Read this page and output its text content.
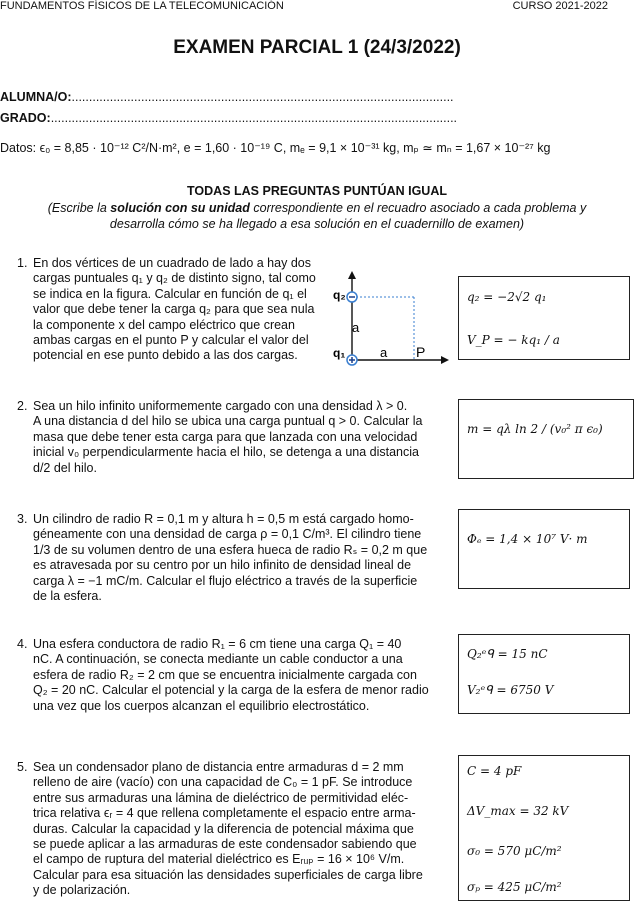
FUNDAMENTOS FÍSICOS DE LA TELECOMUNICACIÓN	CURSO 2021-2022
EXAMEN PARCIAL 1 (24/3/2022)
ALUMNA/O:..............................................................................................................
GRADO:.....................................................................................................................
Datos: ϵ₀ = 8,85 · 10⁻¹² C²/N·m², e = 1,60 · 10⁻¹⁹ C, mₑ = 9,1 × 10⁻³¹ kg, mₚ ≃ mₙ = 1,67 × 10⁻²⁷ kg
TODAS LAS PREGUNTAS PUNTÚAN IGUAL
(Escribe la solución con su unidad correspondiente en el recuadro asociado a cada problema y desarrolla cómo se ha llegado a esa solución en el cuadernillo de examen)
1. En dos vértices de un cuadrado de lado a hay dos
cargas puntuales q₁ y q₂ de distinto signo, tal como
se indica en la figura. Calcular en función de q₁ el
valor que debe tener la carga q₂ para que sea nula
la componente x del campo eléctrico que crean
ambas cargas en el punto P y calcular el valor del
potencial en ese punto debido a las dos cargas.
q₂
q₁
a
a P
q₂ = −2√2 q₁
V_P = − kq₁ / a
2. Sea un hilo infinito uniformemente cargado con una densidad λ > 0.
A una distancia d del hilo se ubica una carga puntual q > 0. Calcular la
masa que debe tener esta carga para que lanzada con una velocidad
inicial v₀ perpendicularmente hacia el hilo, se detenga a una distancia
d/2 del hilo.
m = qλ ln 2 / (v₀² π ϵ₀)
3. Un cilindro de radio R = 0,1 m y altura h = 0,5 m está cargado homo-
géneamente con una densidad de carga ρ = 0,1 C/m³. El cilindro tiene
1/3 de su volumen dentro de una esfera hueca de radio Rₛ = 0,2 m que
es atravesada por su centro por un hilo infinito de densidad lineal de
carga λ = −1 mC/m. Calcular el flujo eléctrico a través de la superficie
de la esfera.
Φₑ = 1,4 × 10⁷ V· m
4. Una esfera conductora de radio R₁ = 6 cm tiene una carga Q₁ = 40
nC. A continuación, se conecta mediante un cable conductor a una
esfera de radio R₂ = 2 cm que se encuentra inicialmente cargada con
Q₂ = 20 nC. Calcular el potencial y la carga de la esfera de menor radio
una vez que los cuerpos alcanzan el equilibrio electrostático.
Q₂ᵉᑫ = 15 nC
V₂ᵉᑫ = 6750 V
5. Sea un condensador plano de distancia entre armaduras d = 2 mm
relleno de aire (vacío) con una capacidad de C₀ = 1 pF. Se introduce
entre sus armaduras una lámina de dieléctrico de permitividad eléc-
trica relativa ϵᵣ = 4 que rellena completamente el espacio entre arma-
duras. Calcular la capacidad y la diferencia de potencial máxima que
se puede aplicar a las armaduras de este condensador sabiendo que
el campo de ruptura del material dieléctrico es Eᵣᵤₚ = 16 × 10⁶ V/m.
Calcular para esa situación las densidades superficiales de carga libre
y de polarización.
C = 4 pF
ΔV_max = 32 kV
σ₀ = 570 μC/m²
σₚ = 425 μC/m²
